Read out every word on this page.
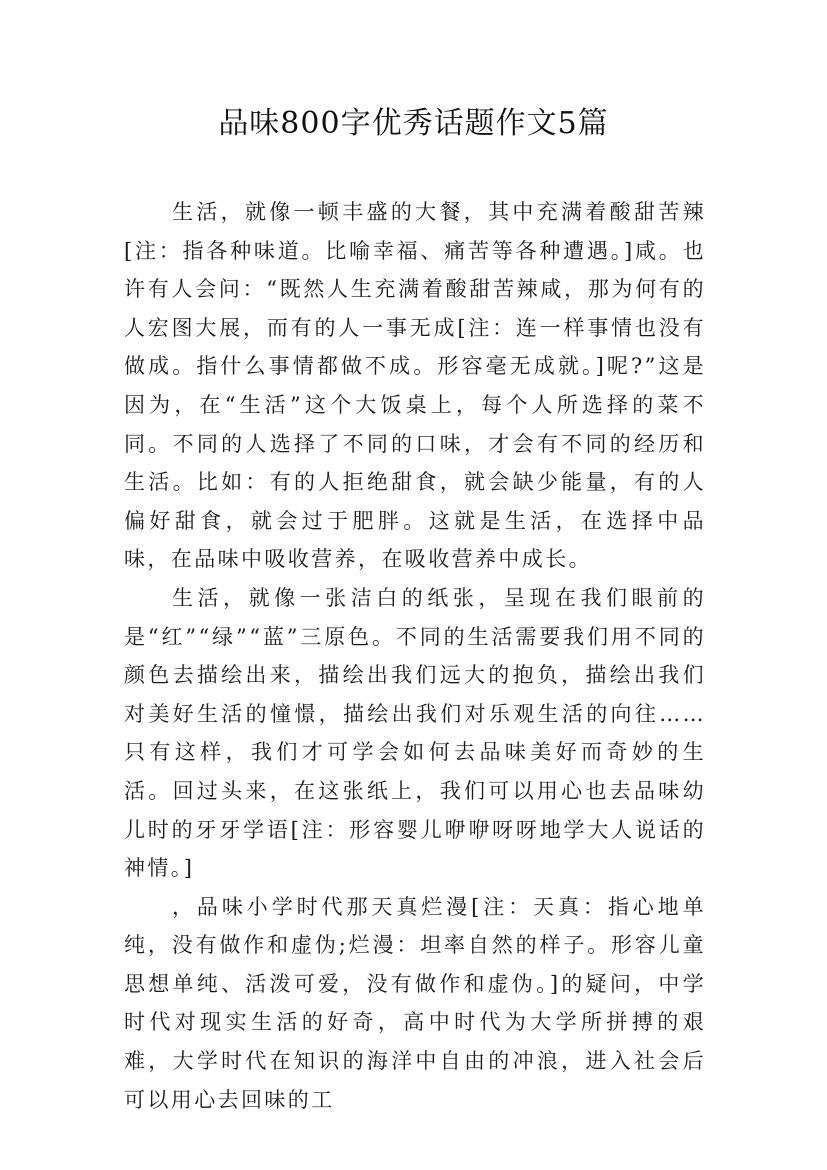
品味800字优秀话题作文5篇

生活，就像一顿丰盛的大餐，其中充满着酸甜苦辣[注：指各种味道。比喻幸福、痛苦等各种遭遇。]咸。也许有人会问：“既然人生充满着酸甜苦辣咸，那为何有的人宏图大展，而有的人一事无成[注：连一样事情也没有做成。指什么事情都做不成。形容毫无成就。]呢?”这是因为，在“生活”这个大饭桌上，每个人所选择的菜不同。不同的人选择了不同的口味，才会有不同的经历和生活。比如：有的人拒绝甜食，就会缺少能量，有的人偏好甜食，就会过于肥胖。这就是生活，在选择中品味，在品味中吸收营养，在吸收营养中成长。

生活，就像一张洁白的纸张，呈现在我们眼前的是“红”“绿”“蓝”三原色。不同的生活需要我们用不同的颜色去描绘出来，描绘出我们远大的抱负，描绘出我们对美好生活的憧憬，描绘出我们对乐观生活的向往……只有这样，我们才可学会如何去品味美好而奇妙的生活。回过头来，在这张纸上，我们可以用心也去品味幼儿时的牙牙学语[注：形容婴儿咿咿呀呀地学大人说话的神情。]

，品味小学时代那天真烂漫[注：天真：指心地单纯，没有做作和虚伪;烂漫：坦率自然的样子。形容儿童思想单纯、活泼可爱，没有做作和虚伪。]的疑问，中学时代对现实生活的好奇，高中时代为大学所拼搏的艰难，大学时代在知识的海洋中自由的冲浪，进入社会后可以用心去回味的工
